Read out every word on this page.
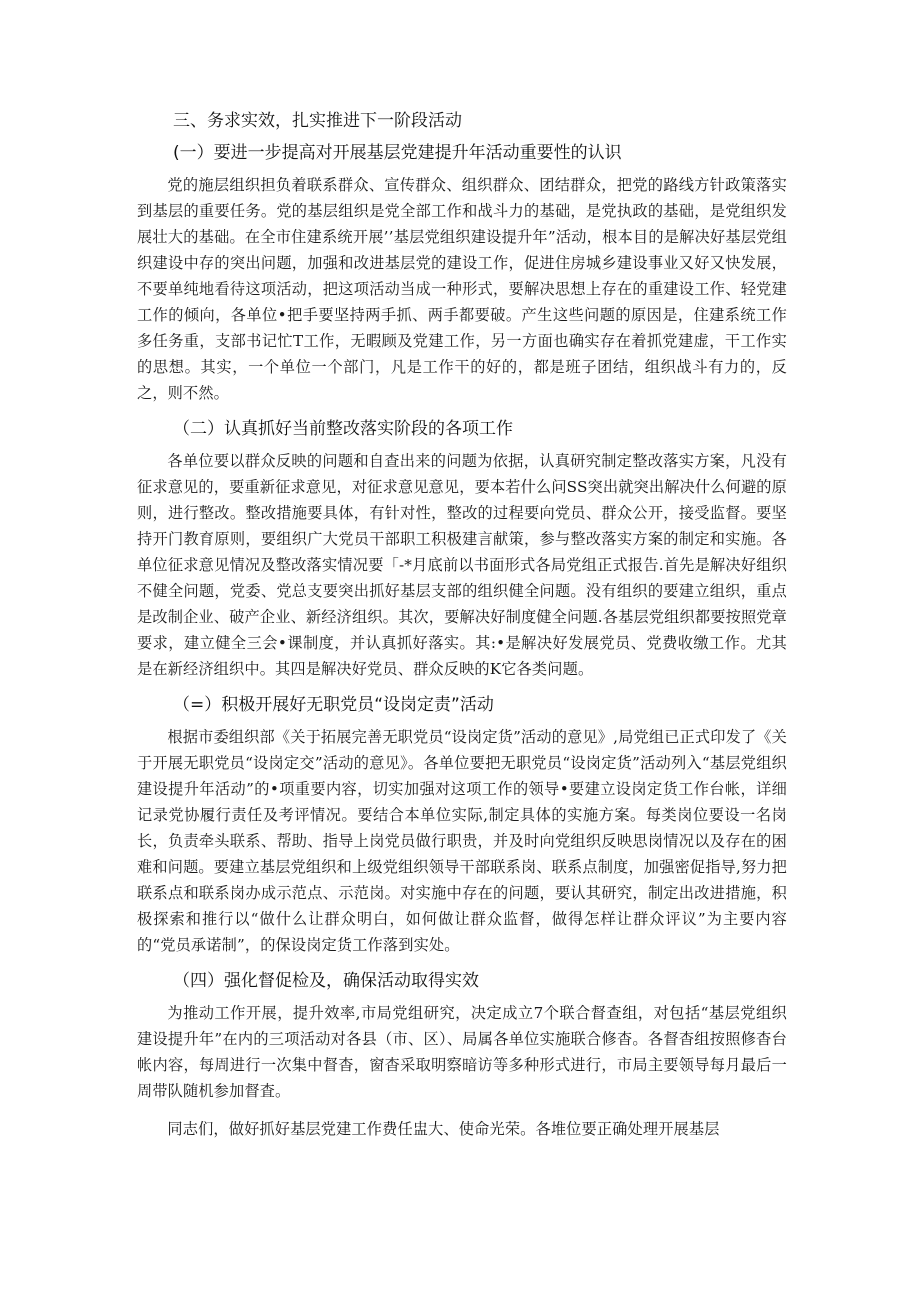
三、务求实效，扎实推进下一阶段活动
(一）要进一步提高对开展基层党建提升年活动重要性的认识

党的施层组织担负着联系群众、宣传群众、组织群众、团结群众，把党的路线方针政策落实到基层的重要任务。党的基层组织是党全部工作和战斗力的基础，是党执政的基础，是党组织发展壮大的基础。在全市住建系统开展’’基层党组织建设提升年”活动，根本目的是解决好基层党组织建设中存的突出问题，加强和改进基层党的建设工作，促进住房城乡建设事业又好又快发展，不要单纯地看待这项活动，把这项活动当成一种形式，要解决思想上存在的重建设工作、轻党建工作的倾向，各单位•把手要坚持两手抓、两手都要破。产生这些问题的原因是，住建系统工作多任务重，支部书记忙T工作，无暇顾及党建工作，另一方面也确实存在着抓党建虚，干工作实的思想。其实，一个单位一个部门，凡是工作干的好的，都是班子团结，组织战斗有力的，反之，则不然。

（二）认真抓好当前整改落实阶段的各项工作

各单位要以群众反映的问题和自查出来的问题为依据，认真研究制定整改落实方案，凡没有征求意见的，要重新征求意见，对征求意见意见，要本若什么问SS突出就突出解决什么何避的原则，进行整改。整改措施要具体，有针对性，整改的过程要向党员、群众公开，接受监督。要坚持开门教育原则，要组织广大党员干部职工积极建言献策，参与整改落实方案的制定和实施。各单位征求意见情况及整改落实情况要「-*月底前以书面形式各局党组正式报告.首先是解决好组织不健全问题，党委、党总支要突出抓好基层支部的组织健全问题。没有组织的要建立组织，重点是改制企业、破产企业、新经济组织。其次，要解决好制度健全问题.各基层党组织都要按照党章要求，建立健全三会•课制度，并认真抓好落实。其:•是解决好发展党员、党费收缴工作。尤其是在新经济组织中。其四是解决好党员、群众反映的K它各类问题。

（=）积极开展好无职党员“设岗定责”活动

根据市委组织部《关于拓展完善无职党员“设岗定货”活动的意见》,局党组已正式印发了《关于开展无职党员“设岗定交”活动的意见》。各单位要把无职党员“设岗定货”活动列入“基层党组织建设提升年活动”的•项重要内容，切实加强对这项工作的领导•要建立设岗定货工作台帐，详细记录党协履行责任及考评情况。要结合本单位实际,制定具体的实施方案。每类岗位要设一名岗长，负责牵头联系、帮助、指导上岗党员做行职贵，并及时向党组织反映思岗情况以及存在的困难和问题。要建立基层党组织和上级党组织领导干部联系岗、联系点制度，加强密促指导,努力把联系点和联系岗办成示范点、示范岗。对实施中存在的问题，要认其研究，制定出改进措施，积极探索和推行以“做什么让群众明白，如何做让群众监督，做得怎样让群众评议”为主要内容的“党员承诺制”，的保设岗定货工作落到实处。

（四）强化督促检及，确保活动取得实效

为推动工作开展，提升效率,市局党组研究，决定成立7个联合督查组，对包括“基层党组织建设提升年”在内的三项活动对各县（市、区）、局属各单位实施联合修杳。各督杳组按照修杳台帐内容，每周进行一次集中督杳，窗杳采取明察暗访等多种形式进行，市局主要领导每月最后一周带队随机参加督査。

同志们，做好抓好基层党建工作费任盅大、使命光荣。各堆位要正确处理开展基层
